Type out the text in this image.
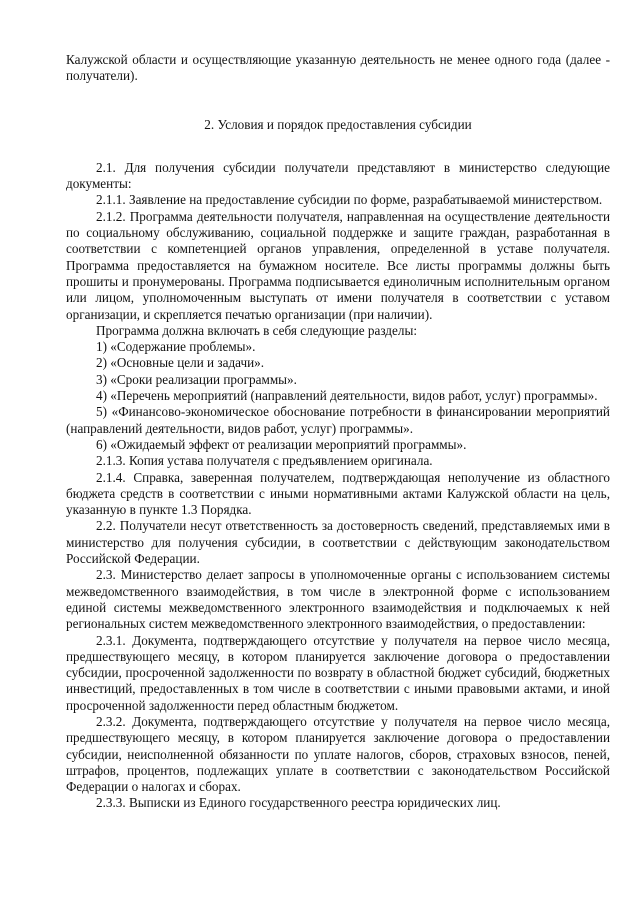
Калужской области и осуществляющие указанную деятельность не менее одного года (далее - получатели).

2. Условия и порядок предоставления субсидии

2.1. Для получения субсидии получатели представляют в министерство следующие документы:

2.1.1. Заявление на предоставление субсидии по форме, разрабатываемой министерством.

2.1.2. Программа деятельности получателя, направленная на осуществление деятельности по социальному обслуживанию, социальной поддержке и защите граждан, разработанная в соответствии с компетенцией органов управления, определенной в уставе получателя. Программа предоставляется на бумажном носителе. Все листы программы должны быть прошиты и пронумерованы. Программа подписывается единоличным исполнительным органом или лицом, уполномоченным выступать от имени получателя в соответствии с уставом организации, и скрепляется печатью организации (при наличии).

Программа должна включать в себя следующие разделы:

1) «Содержание проблемы».

2) «Основные цели и задачи».

3) «Сроки реализации программы».

4) «Перечень мероприятий (направлений деятельности, видов работ, услуг) программы».

5) «Финансово-экономическое обоснование потребности в финансировании мероприятий (направлений деятельности, видов работ, услуг) программы».

6) «Ожидаемый эффект от реализации мероприятий программы».

2.1.3. Копия устава получателя с предъявлением оригинала.

2.1.4. Справка, заверенная получателем, подтверждающая неполучение из областного бюджета средств в соответствии с иными нормативными актами Калужской области на цель, указанную в пункте 1.3 Порядка.

2.2. Получатели несут ответственность за достоверность сведений, представляемых ими в министерство для получения субсидии, в соответствии с действующим законодательством Российской Федерации.

2.3. Министерство делает запросы в уполномоченные органы с использованием системы межведомственного взаимодействия, в том числе в электронной форме с использованием единой системы межведомственного электронного взаимодействия и подключаемых к ней региональных систем межведомственного электронного взаимодействия, о предоставлении:

2.3.1. Документа, подтверждающего отсутствие у получателя на первое число месяца, предшествующего месяцу, в котором планируется заключение договора о предоставлении субсидии, просроченной задолженности по возврату в областной бюджет субсидий, бюджетных инвестиций, предоставленных в том числе в соответствии с иными правовыми актами, и иной просроченной задолженности перед областным бюджетом.

2.3.2. Документа, подтверждающего отсутствие у получателя на первое число месяца, предшествующего месяцу, в котором планируется заключение договора о предоставлении субсидии, неисполненной обязанности по уплате налогов, сборов, страховых взносов, пеней, штрафов, процентов, подлежащих уплате в соответствии с законодательством Российской Федерации о налогах и сборах.

2.3.3. Выписки из Единого государственного реестра юридических лиц.
